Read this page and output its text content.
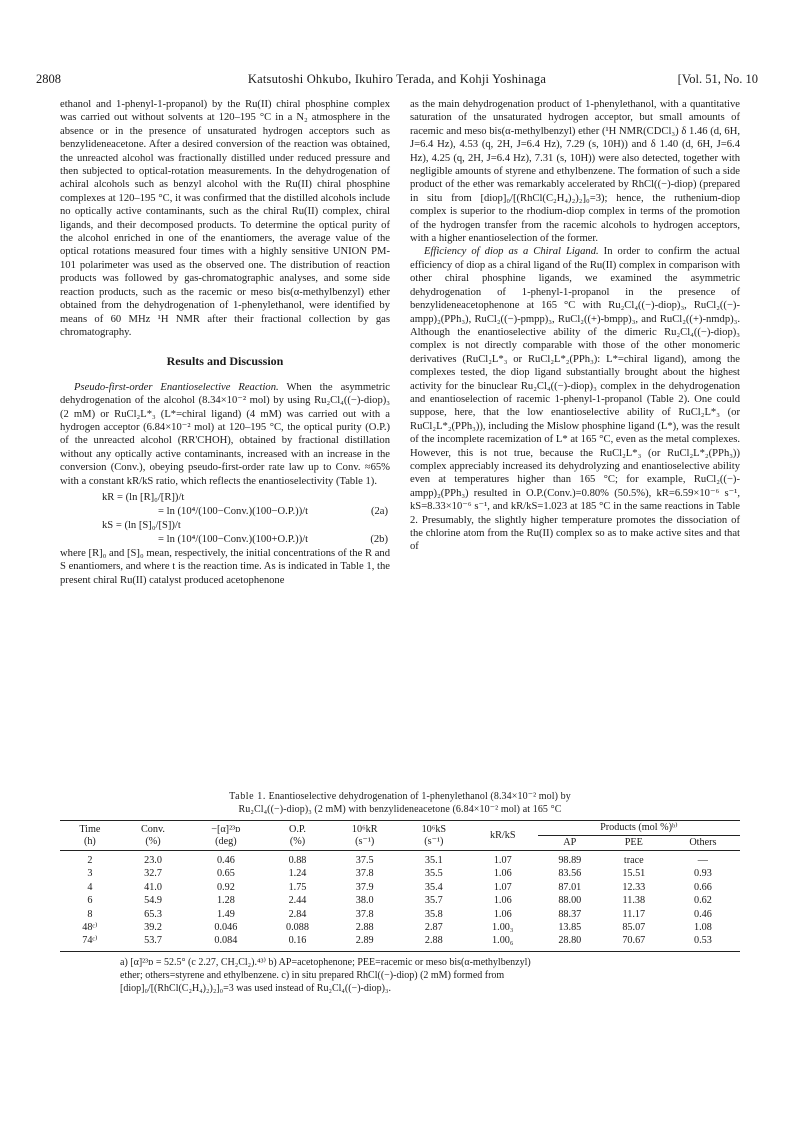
2808	Katsutoshi Ohkubo, Ikuhiro Terada, and Kohji Yoshinaga	[Vol. 51, No. 10

ethanol and 1-phenyl-1-propanol) by the Ru(II) chiral phosphine complex was carried out without solvents at 120–195 °C in a N₂ atmosphere in the absence or in the presence of unsaturated hydrogen acceptors such as benzylideneacetone. After a desired conversion of the reaction was obtained, the unreacted alcohol was fractionally distilled under reduced pressure and then subjected to optical-rotation measurements. In the dehydrogenation of achiral alcohols such as benzyl alcohol with the Ru(II) chiral phosphine complexes at 120–195 °C, it was confirmed that the distilled alcohols include no optically active contaminants, such as the chiral Ru(II) complex, chiral ligands, and their decomposed products. To determine the optical purity of the alcohol enriched in one of the enantiomers, the average value of the optical rotations measured four times with a highly sensitive UNION PM-101 polarimeter was used as the observed one. The distribution of reaction products was followed by gas-chromatographic analyses, and some side reaction products, such as the racemic or meso bis(α-methylbenzyl) ether obtained from the dehydrogenation of 1-phenylethanol, were identified by means of 60 MHz ¹H NMR after their fractional collection by gas chromatography.

Results and Discussion

Pseudo-first-order Enantioselective Reaction. When the asymmetric dehydrogenation of the alcohol (8.34×10⁻² mol) by using Ru₂Cl₄((−)-diop)₃ (2 mM) or RuCl₂L*₃ (L*=chiral ligand) (4 mM) was carried out with a hydrogen acceptor (6.84×10⁻² mol) at 120–195 °C, the optical purity (O.P.) of the unreacted alcohol (RR'CHOH), obtained by fractional distillation without any optically active contaminants, increased with an increase in the conversion (Conv.), obeying pseudo-first-order rate law up to Conv. ≈65% with a constant kR/kS ratio, which reflects the enantioselectivity (Table 1).

kR = (ln [R]₀/[R])/t
= ln (10⁴/(100−Conv.)(100−O.P.))/t	(2a)
kS = (ln [S]₀/[S])/t
= ln (10⁴/(100−Conv.)(100+O.P.))/t	(2b)

where [R]₀ and [S]₀ mean, respectively, the initial concentrations of the R and S enantiomers, and where t is the reaction time. As is indicated in Table 1, the present chiral Ru(II) catalyst produced acetophenone

as the main dehydrogenation product of 1-phenylethanol, with a quantitative saturation of the unsaturated hydrogen acceptor, but small amounts of racemic and meso bis(α-methylbenzyl) ether (¹H NMR(CDCl₃) δ 1.46 (d, 6H, J=6.4 Hz), 4.53 (q, 2H, J=6.4 Hz), 7.29 (s, 10H)) and δ 1.40 (d, 6H, J=6.4 Hz), 4.25 (q, 2H, J=6.4 Hz), 7.31 (s, 10H)) were also detected, together with negligible amounts of styrene and ethylbenzene. The formation of such a side product of the ether was remarkably accelerated by RhCl((−)-diop) (prepared in situ from [diop]₀/[(RhCl(C₂H₄)₂)₂]₀=3); hence, the ruthenium-diop complex is superior to the rhodium-diop complex in terms of the promotion of the hydrogen transfer from the racemic alcohols to hydrogen acceptors, with a higher enantioselection of the former.

Efficiency of diop as a Chiral Ligand. In order to confirm the actual efficiency of diop as a chiral ligand of the Ru(II) complex in comparison with other chiral phosphine ligands, we examined the asymmetric dehydrogenation of 1-phenyl-1-propanol in the presence of benzylideneacetophenone at 165 °C with Ru₂Cl₄((−)-diop)₃, RuCl₂((−)-ampp)₂(PPh₃), RuCl₂((−)-pmpp)₃, RuCl₂((+)-bmpp)₃, and RuCl₂((+)-nmdp)₃. Although the enantioselective ability of the dimeric Ru₂Cl₄((−)-diop)₃ complex is not directly comparable with those of the other monomeric derivatives (RuCl₂L*₃ or RuCl₂L*₂(PPh₃): L*=chiral ligand), among the complexes tested, the diop ligand substantially brought about the highest activity for the binuclear Ru₂Cl₄((−)-diop)₃ complex in the dehydrogenation and enantioselection of racemic 1-phenyl-1-propanol (Table 2). One could suppose, here, that the low enantioselective ability of RuCl₂L*₃ (or RuCl₂L*₂(PPh₃)), including the Mislow phosphine ligand (L*), was the result of the incomplete racemization of L* at 165 °C, even as the metal complexes. However, this is not true, because the RuCl₂L*₃ (or RuCl₂L*₂(PPh₃)) complex appreciably increased its dehydrolyzing and enantioselective ability even at temperatures higher than 165 °C; for example, RuCl₂((−)-ampp)₂(PPh₃) resulted in O.P.(Conv.)=0.80% (50.5%), kR=6.59×10⁻⁶ s⁻¹, kS=8.33×10⁻⁶ s⁻¹, and kR/kS=1.023 at 185 °C in the same reactions in Table 2. Presumably, the slightly higher temperature promotes the dissociation of the chlorine atom from the Ru(II) complex so as to make active sites and that of

Table 1. Enantioselective dehydrogenation of 1-phenylethanol (8.34×10⁻² mol) by
Ru₂Cl₄((−)-diop)₃ (2 mM) with benzylideneacetone (6.84×10⁻² mol) at 165 °C
Time
(h)	Conv.
(%)	−[α]²³ᴅ
(deg)	O.P.
(%)	10⁶kR
(s⁻¹)	10⁶kS
(s⁻¹)	kR/kS	Products (mol %)ᵇ⁾		
							AP	PEE	Others
2	23.0	0.46	0.88	37.5	35.1	1.07	98.89	trace	—
3	32.7	0.65	1.24	37.8	35.5	1.06	83.56	15.51	0.93
4	41.0	0.92	1.75	37.9	35.4	1.07	87.01	12.33	0.66
6	54.9	1.28	2.44	38.0	35.7	1.06	88.00	11.38	0.62
8	65.3	1.49	2.84	37.8	35.8	1.06	88.37	11.17	0.46
48ᶜ⁾	39.2	0.046	0.088	2.88	2.87	1.00₃	13.85	85.07	1.08
74ᶜ⁾	53.7	0.084	0.16	2.89	2.88	1.00₆	28.80	70.67	0.53
a) [α]²³ᴅ = 52.5° (c 2.27, CH₂Cl₂).⁴³⁾ b) AP=acetophenone; PEE=racemic or meso bis(α-methylbenzyl)
ether; others=styrene and ethylbenzene. c) in situ prepared RhCl((−)-diop) (2 mM) formed from
[diop]₀/[(RhCl(C₂H₄)₂)₂]₀=3 was used instead of Ru₂Cl₄((−)-diop)₃.
